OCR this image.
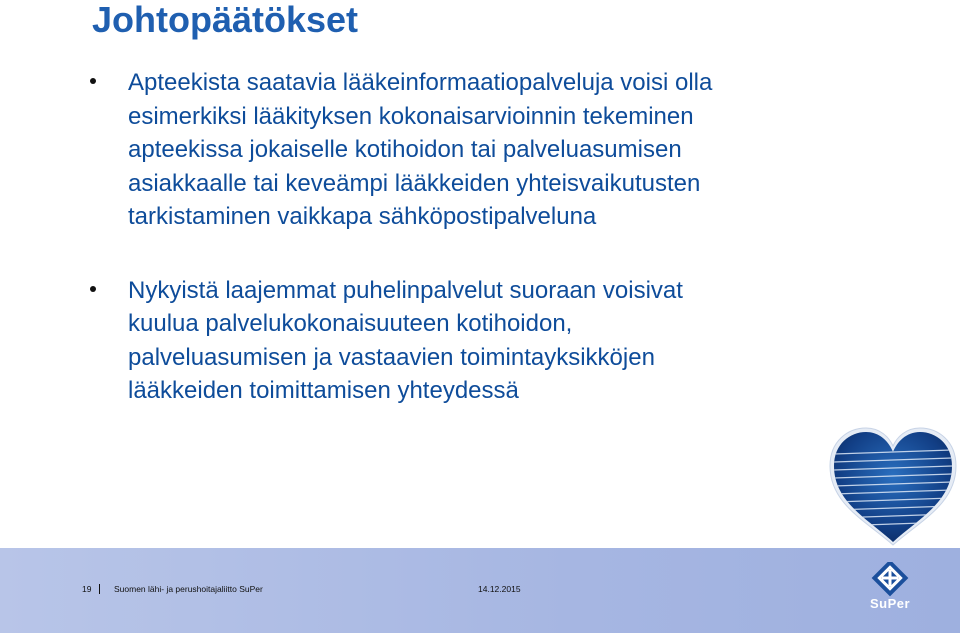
Johtopäätökset
Apteekista saatavia lääkeinformaatiopalveluja voisi olla
esimerkiksi lääkityksen kokonaisarvioinnin tekeminen
apteekissa jokaiselle kotihoidon tai palveluasumisen
asiakkaalle tai keveämpi lääkkeiden yhteisvaikutusten
tarkistaminen vaikkapa sähköpostipalveluna
Nykyistä laajemmat puhelinpalvelut suoraan voisivat
kuulua palvelukokonaisuuteen kotihoidon,
palveluasumisen ja vastaavien toimintayksikköjen
lääkkeiden toimittamisen yhteydessä
19	Suomen lähi- ja perushoitajaliitto SuPer	14.12.2015
SuPer
